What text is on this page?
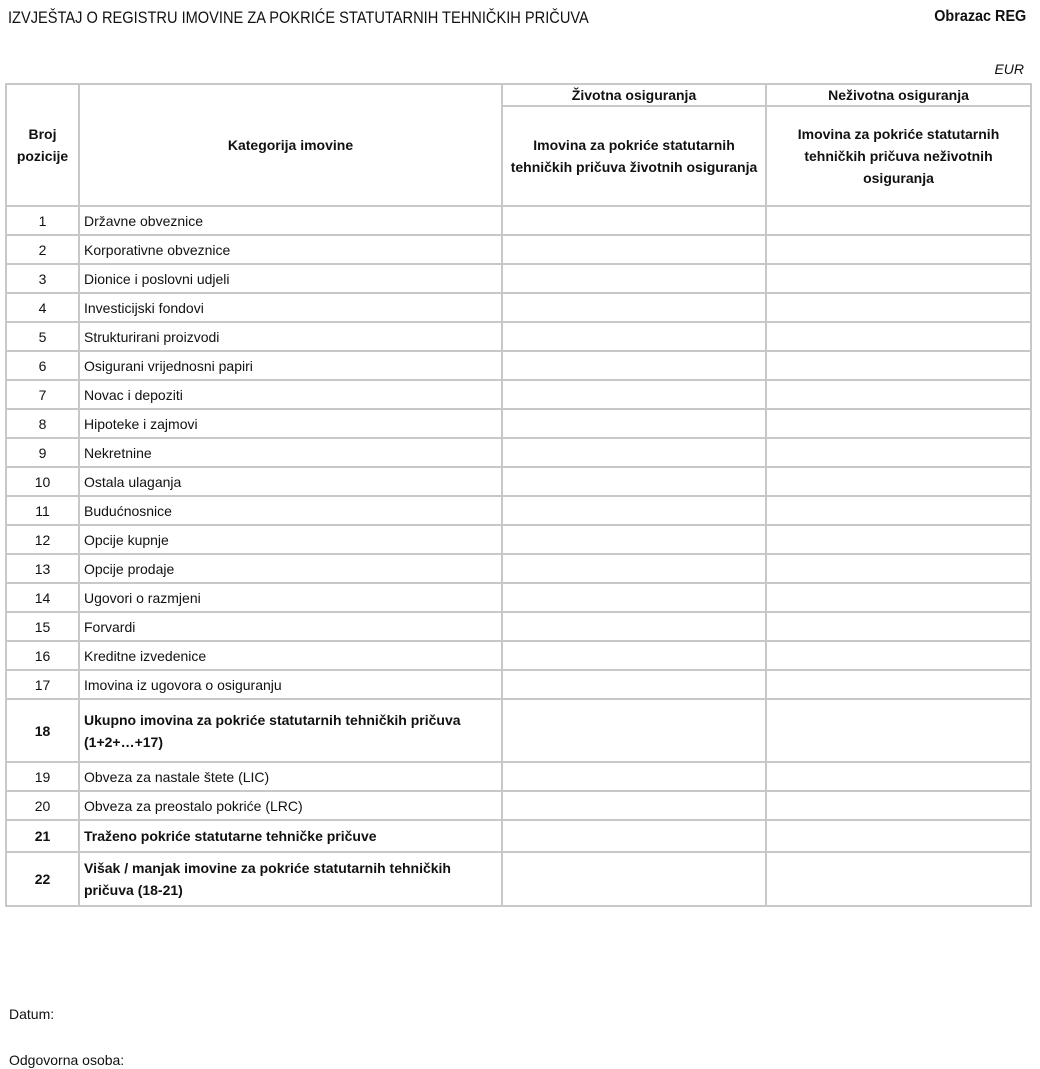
IZVJEŠTAJ O REGISTRU IMOVINE ZA POKRIĆE STATUTARNIH TEHNIČKIH PRIČUVA	Obrazac REG
EUR
Broj pozicije	Kategorija imovine	Životna osiguranja	Neživotna osiguranja
		Imovina za pokriće statutarnih tehničkih pričuva životnih osiguranja	Imovina za pokriće statutarnih tehničkih pričuva neživotnih osiguranja
1	Državne obveznice		
2	Korporativne obveznice		
3	Dionice i poslovni udjeli		
4	Investicijski fondovi		
5	Strukturirani proizvodi		
6	Osigurani vrijednosni papiri		
7	Novac i depoziti		
8	Hipoteke i zajmovi		
9	Nekretnine		
10	Ostala ulaganja		
11	Budućnosnice		
12	Opcije kupnje		
13	Opcije prodaje		
14	Ugovori o razmjeni		
15	Forvardi		
16	Kreditne izvedenice		
17	Imovina iz ugovora o osiguranju		
18	Ukupno imovina za pokriće statutarnih tehničkih pričuva (1+2+…+17)		
19	Obveza za nastale štete (LIC)		
20	Obveza za preostalo pokriće (LRC)		
21	Traženo pokriće statutarne tehničke pričuve		
22	Višak / manjak imovine za pokriće statutarnih tehničkih pričuva (18-21)		
Datum:
Odgovorna osoba:
